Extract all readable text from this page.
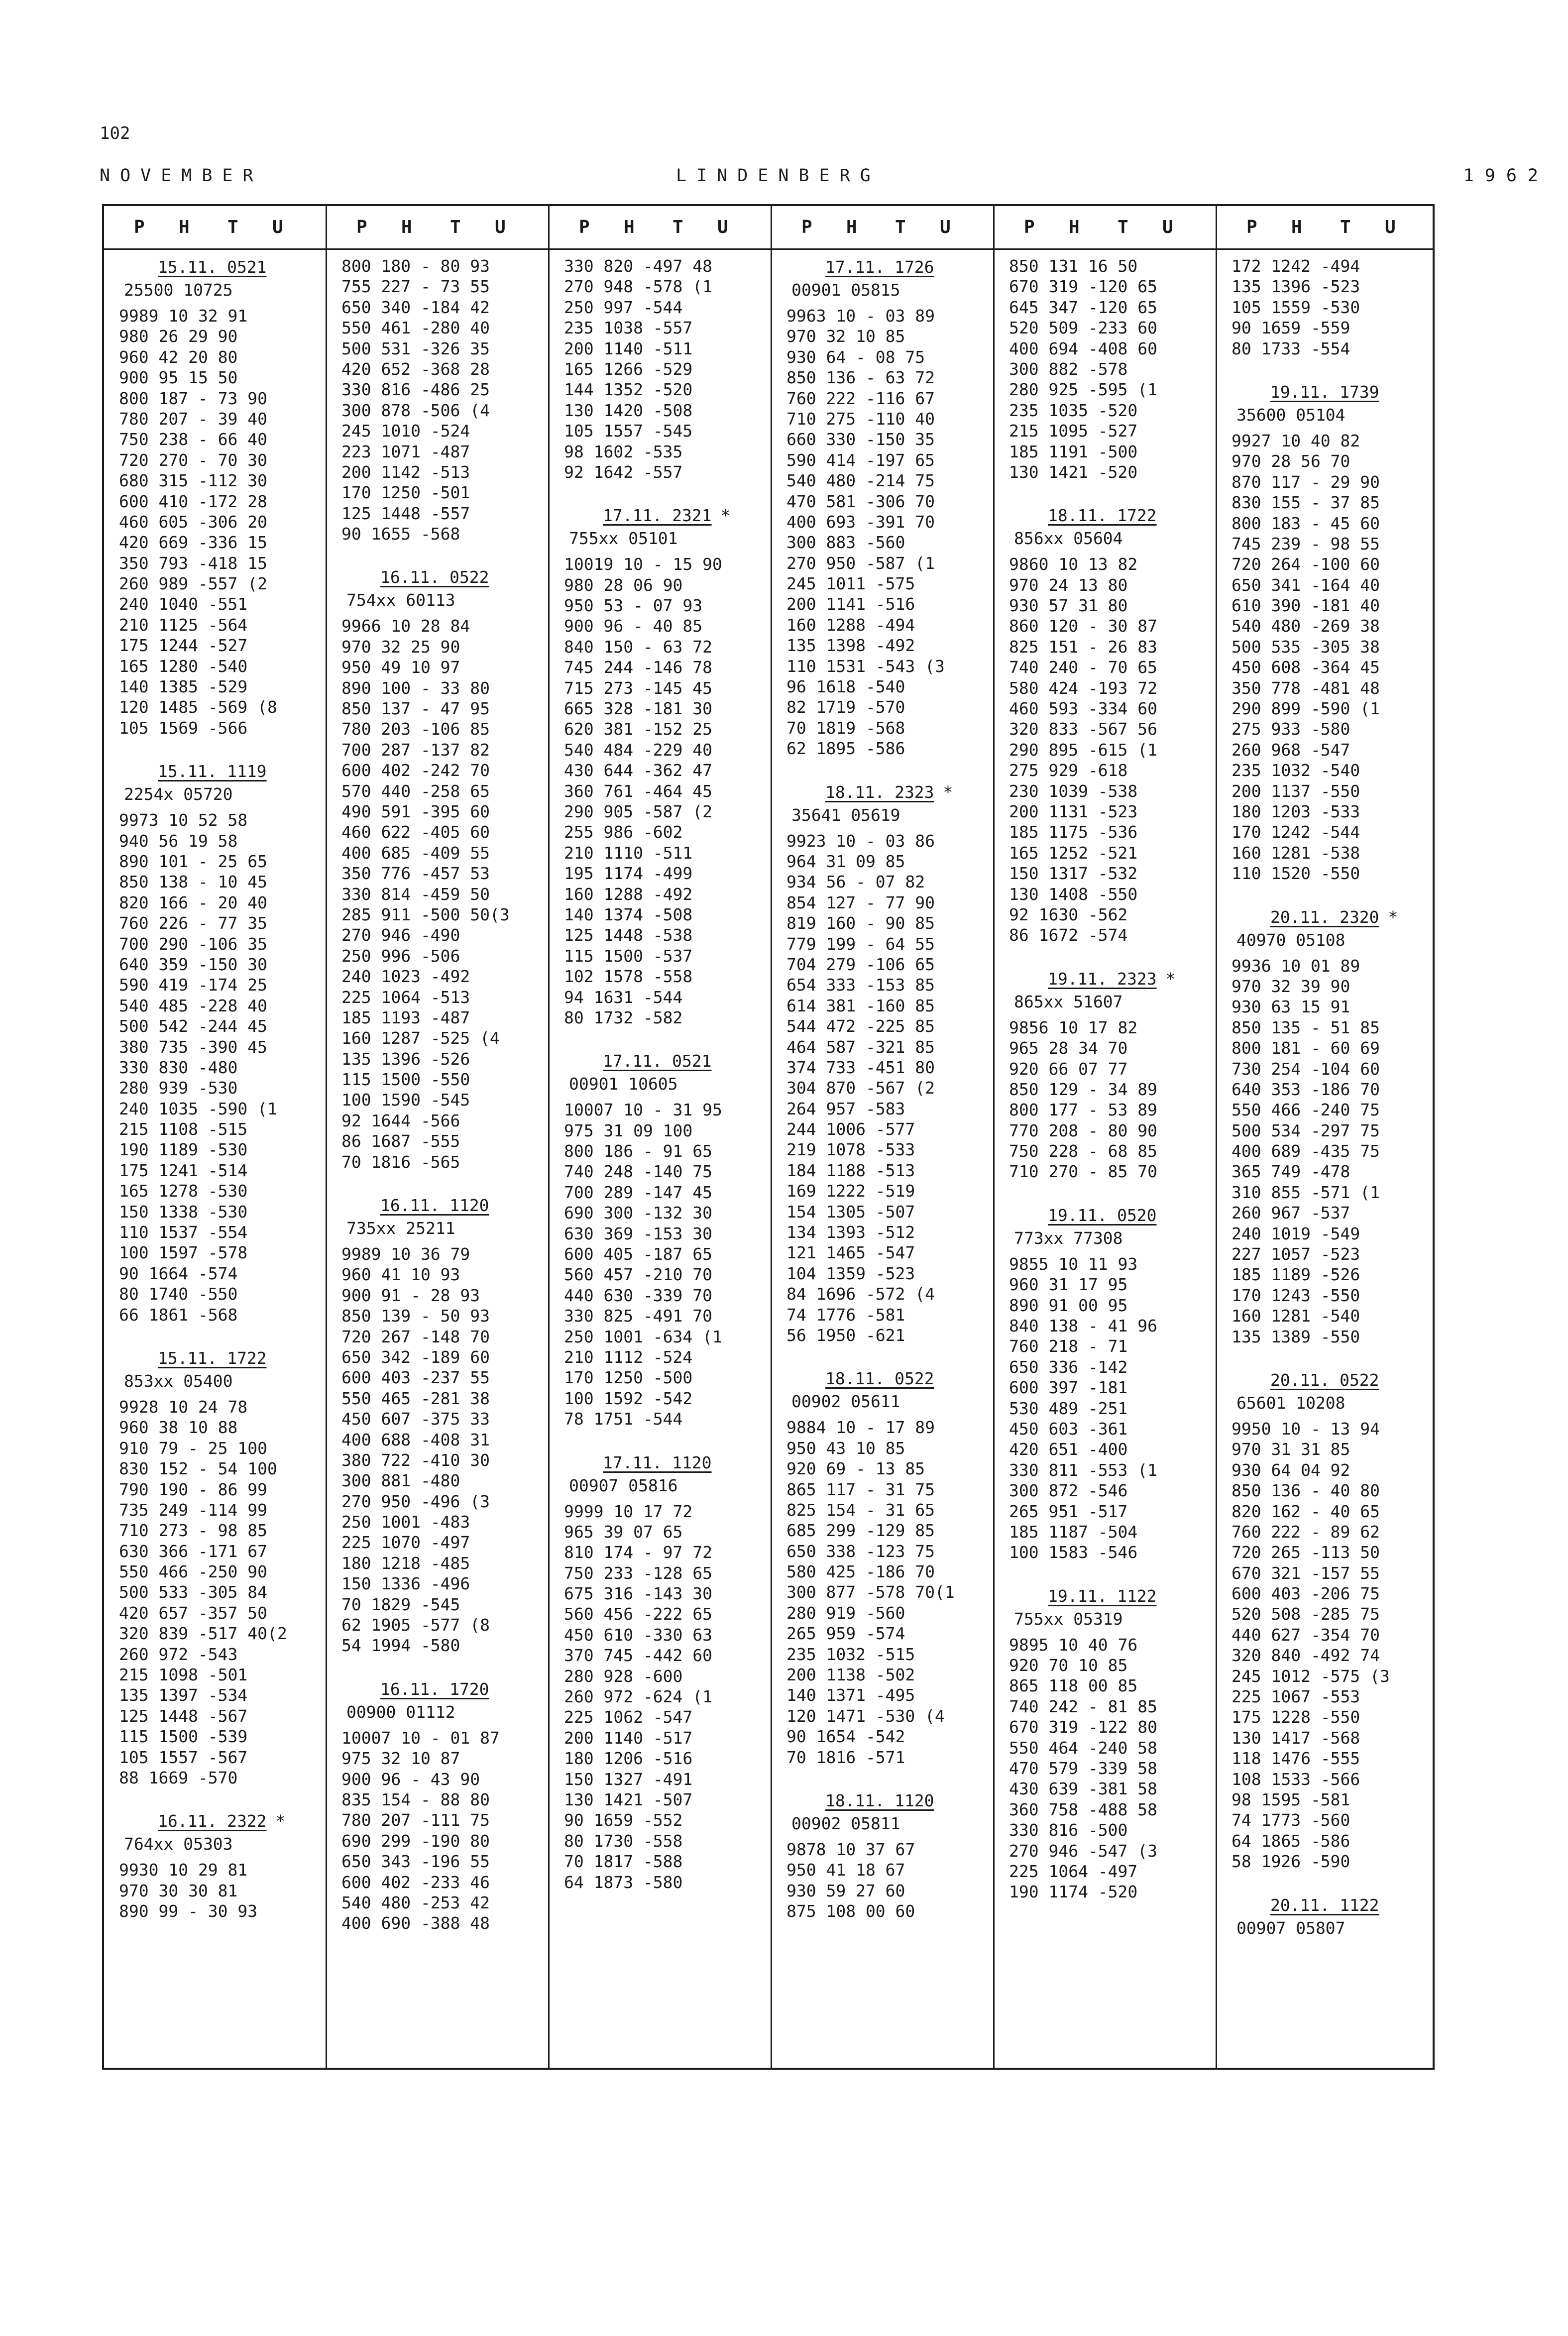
102
NOVEMBER	LINDENBERG	1962
P H T U	P H T U	P H T U	P H T U	P H T U	P H T U
15.11. 0521
25500 10725
9989 10 32 91
980 26 29 90
960 42 20 80
900 95 15 50
800 187 - 73 90
780 207 - 39 40
750 238 - 66 40
720 270 - 70 30
680 315 -112 30
600 410 -172 28
460 605 -306 20
420 669 -336 15
350 793 -418 15
260 989 -557 (2
240 1040 -551
210 1125 -564
175 1244 -527
165 1280 -540
140 1385 -529
120 1485 -569 (8
105 1569 -566
15.11. 1119
2254x 05720
9973 10 52 58
940 56 19 58
890 101 - 25 65
850 138 - 10 45
820 166 - 20 40
760 226 - 77 35
700 290 -106 35
640 359 -150 30
590 419 -174 25
540 485 -228 40
500 542 -244 45
380 735 -390 45
330 830 -480
280 939 -530
240 1035 -590 (1
215 1108 -515
190 1189 -530
175 1241 -514
165 1278 -530
150 1338 -530
110 1537 -554
100 1597 -578
90 1664 -574
80 1740 -550
66 1861 -568
15.11. 1722
853xx 05400
9928 10 24 78
960 38 10 88
910 79 - 25 100
830 152 - 54 100
790 190 - 86 99
735 249 -114 99
710 273 - 98 85
630 366 -171 67
550 466 -250 90
500 533 -305 84
420 657 -357 50
320 839 -517 40(2
260 972 -543
215 1098 -501
135 1397 -534
125 1448 -567
115 1500 -539
105 1557 -567
88 1669 -570
16.11. 2322 *
764xx 05303
9930 10 29 81
970 30 30 81
890 99 - 30 93
800 180 - 80 93
755 227 - 73 55
650 340 -184 42
550 461 -280 40
500 531 -326 35
420 652 -368 28
330 816 -486 25
300 878 -506 (4
245 1010 -524
223 1071 -487
200 1142 -513
170 1250 -501
125 1448 -557
90 1655 -568
16.11. 0522
754xx 60113
9966 10 28 84
970 32 25 90
950 49 10 97
890 100 - 33 80
850 137 - 47 95
780 203 -106 85
700 287 -137 82
600 402 -242 70
570 440 -258 65
490 591 -395 60
460 622 -405 60
400 685 -409 55
350 776 -457 53
330 814 -459 50
285 911 -500 50(3
270 946 -490
250 996 -506
240 1023 -492
225 1064 -513
185 1193 -487
160 1287 -525 (4
135 1396 -526
115 1500 -550
100 1590 -545
92 1644 -566
86 1687 -555
70 1816 -565
16.11. 1120
735xx 25211
9989 10 36 79
960 41 10 93
900 91 - 28 93
850 139 - 50 93
720 267 -148 70
650 342 -189 60
600 403 -237 55
550 465 -281 38
450 607 -375 33
400 688 -408 31
380 722 -410 30
300 881 -480
270 950 -496 (3
250 1001 -483
225 1070 -497
180 1218 -485
150 1336 -496
70 1829 -545
62 1905 -577 (8
54 1994 -580
16.11. 1720
00900 01112
10007 10 - 01 87
975 32 10 87
900 96 - 43 90
835 154 - 88 80
780 207 -111 75
690 299 -190 80
650 343 -196 55
600 402 -233 46
540 480 -253 42
400 690 -388 48
330 820 -497 48
270 948 -578 (1
250 997 -544
235 1038 -557
200 1140 -511
165 1266 -529
144 1352 -520
130 1420 -508
105 1557 -545
98 1602 -535
92 1642 -557
17.11. 2321 *
755xx 05101
10019 10 - 15 90
980 28 06 90
950 53 - 07 93
900 96 - 40 85
840 150 - 63 72
745 244 -146 78
715 273 -145 45
665 328 -181 30
620 381 -152 25
540 484 -229 40
430 644 -362 47
360 761 -464 45
290 905 -587 (2
255 986 -602
210 1110 -511
195 1174 -499
160 1288 -492
140 1374 -508
125 1448 -538
115 1500 -537
102 1578 -558
94 1631 -544
80 1732 -582
17.11. 0521
00901 10605
10007 10 - 31 95
975 31 09 100
800 186 - 91 65
740 248 -140 75
700 289 -147 45
690 300 -132 30
630 369 -153 30
600 405 -187 65
560 457 -210 70
440 630 -339 70
330 825 -491 70
250 1001 -634 (1
210 1112 -524
170 1250 -500
100 1592 -542
78 1751 -544
17.11. 1120
00907 05816
9999 10 17 72
965 39 07 65
810 174 - 97 72
750 233 -128 65
675 316 -143 30
560 456 -222 65
450 610 -330 63
370 745 -442 60
280 928 -600
260 972 -624 (1
225 1062 -547
200 1140 -517
180 1206 -516
150 1327 -491
130 1421 -507
90 1659 -552
80 1730 -558
70 1817 -588
64 1873 -580
17.11. 1726
00901 05815
9963 10 - 03 89
970 32 10 85
930 64 - 08 75
850 136 - 63 72
760 222 -116 67
710 275 -110 40
660 330 -150 35
590 414 -197 65
540 480 -214 75
470 581 -306 70
400 693 -391 70
300 883 -560
270 950 -587 (1
245 1011 -575
200 1141 -516
160 1288 -494
135 1398 -492
110 1531 -543 (3
96 1618 -540
82 1719 -570
70 1819 -568
62 1895 -586
18.11. 2323 *
35641 05619
9923 10 - 03 86
964 31 09 85
934 56 - 07 82
854 127 - 77 90
819 160 - 90 85
779 199 - 64 55
704 279 -106 65
654 333 -153 85
614 381 -160 85
544 472 -225 85
464 587 -321 85
374 733 -451 80
304 870 -567 (2
264 957 -583
244 1006 -577
219 1078 -533
184 1188 -513
169 1222 -519
154 1305 -507
134 1393 -512
121 1465 -547
104 1359 -523
84 1696 -572 (4
74 1776 -581
56 1950 -621
18.11. 0522
00902 05611
9884 10 - 17 89
950 43 10 85
920 69 - 13 85
865 117 - 31 75
825 154 - 31 65
685 299 -129 85
650 338 -123 75
580 425 -186 70
300 877 -578 70(1
280 919 -560
265 959 -574
235 1032 -515
200 1138 -502
140 1371 -495
120 1471 -530 (4
90 1654 -542
70 1816 -571
18.11. 1120
00902 05811
9878 10 37 67
950 41 18 67
930 59 27 60
875 108 00 60
850 131 16 50
670 319 -120 65
645 347 -120 65
520 509 -233 60
400 694 -408 60
300 882 -578
280 925 -595 (1
235 1035 -520
215 1095 -527
185 1191 -500
130 1421 -520
18.11. 1722
856xx 05604
9860 10 13 82
970 24 13 80
930 57 31 80
860 120 - 30 87
825 151 - 26 83
740 240 - 70 65
580 424 -193 72
460 593 -334 60
320 833 -567 56
290 895 -615 (1
275 929 -618
230 1039 -538
200 1131 -523
185 1175 -536
165 1252 -521
150 1317 -532
130 1408 -550
92 1630 -562
86 1672 -574
19.11. 2323 *
865xx 51607
9856 10 17 82
965 28 34 70
920 66 07 77
850 129 - 34 89
800 177 - 53 89
770 208 - 80 90
750 228 - 68 85
710 270 - 85 70
19.11. 0520
773xx 77308
9855 10 11 93
960 31 17 95
890 91 00 95
840 138 - 41 96
760 218 - 71
650 336 -142
600 397 -181
530 489 -251
450 603 -361
420 651 -400
330 811 -553 (1
300 872 -546
265 951 -517
185 1187 -504
100 1583 -546
19.11. 1122
755xx 05319
9895 10 40 76
920 70 10 85
865 118 00 85
740 242 - 81 85
670 319 -122 80
550 464 -240 58
470 579 -339 58
430 639 -381 58
360 758 -488 58
330 816 -500
270 946 -547 (3
225 1064 -497
190 1174 -520
172 1242 -494
135 1396 -523
105 1559 -530
90 1659 -559
80 1733 -554
19.11. 1739
35600 05104
9927 10 40 82
970 28 56 70
870 117 - 29 90
830 155 - 37 85
800 183 - 45 60
745 239 - 98 55
720 264 -100 60
650 341 -164 40
610 390 -181 40
540 480 -269 38
500 535 -305 38
450 608 -364 45
350 778 -481 48
290 899 -590 (1
275 933 -580
260 968 -547
235 1032 -540
200 1137 -550
180 1203 -533
170 1242 -544
160 1281 -538
110 1520 -550
20.11. 2320 *
40970 05108
9936 10 01 89
970 32 39 90
930 63 15 91
850 135 - 51 85
800 181 - 60 69
730 254 -104 60
640 353 -186 70
550 466 -240 75
500 534 -297 75
400 689 -435 75
365 749 -478
310 855 -571 (1
260 967 -537
240 1019 -549
227 1057 -523
185 1189 -526
170 1243 -550
160 1281 -540
135 1389 -550
20.11. 0522
65601 10208
9950 10 - 13 94
970 31 31 85
930 64 04 92
850 136 - 40 80
820 162 - 40 65
760 222 - 89 62
720 265 -113 50
670 321 -157 55
600 403 -206 75
520 508 -285 75
440 627 -354 70
320 840 -492 74
245 1012 -575 (3
225 1067 -553
175 1228 -550
130 1417 -568
118 1476 -555
108 1533 -566
98 1595 -581
74 1773 -560
64 1865 -586
58 1926 -590
20.11. 1122
00907 05807
